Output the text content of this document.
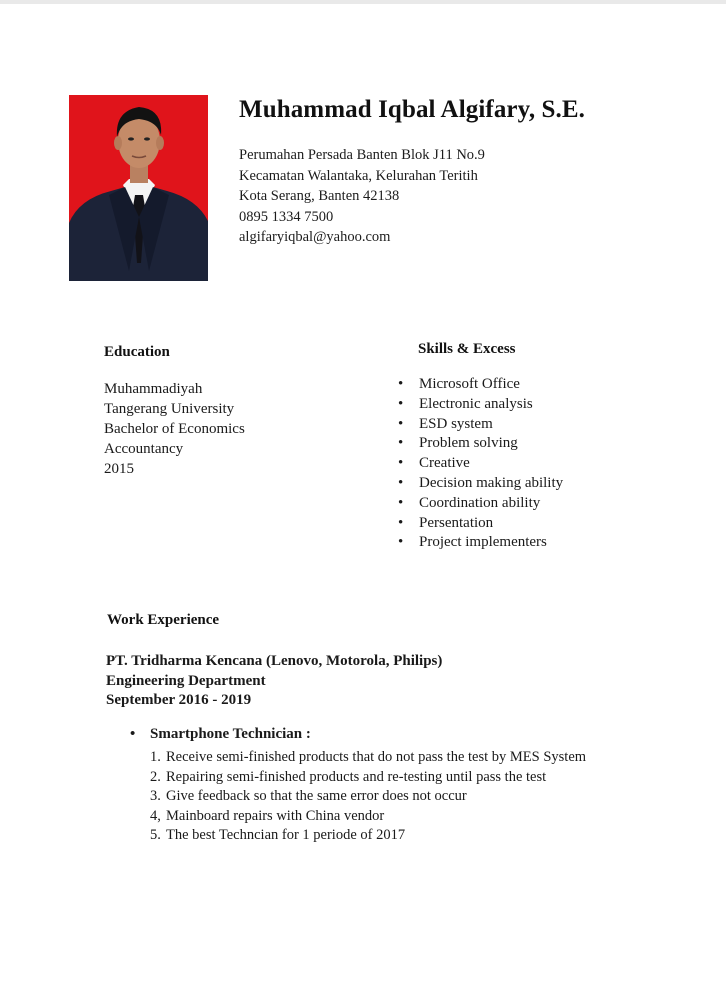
Muhammad Iqbal Algifary, S.E.
Perumahan Persada Banten Blok J11 No.9
Kecamatan Walantaka, Kelurahan Teritih
Kota Serang, Banten 42138
0895 1334 7500
algifaryiqbal@yahoo.com
Education
Muhammadiyah
Tangerang University
Bachelor of Economics
Accountancy
2015
Skills & Excess
• Microsoft Office
• Electronic analysis
• ESD system
• Problem solving
• Creative
• Decision making ability
• Coordination ability
• Persentation
• Project implementers
Work Experience
PT. Tridharma Kencana (Lenovo, Motorola, Philips)
Engineering Department
September 2016 - 2019
• Smartphone Technician :
1. Receive semi-finished products that do not pass the test by MES System
2. Repairing semi-finished products and re-testing until pass the test
3. Give feedback so that the same error does not occur
4, Mainboard repairs with China vendor
5. The best Techncian for 1 periode of 2017
